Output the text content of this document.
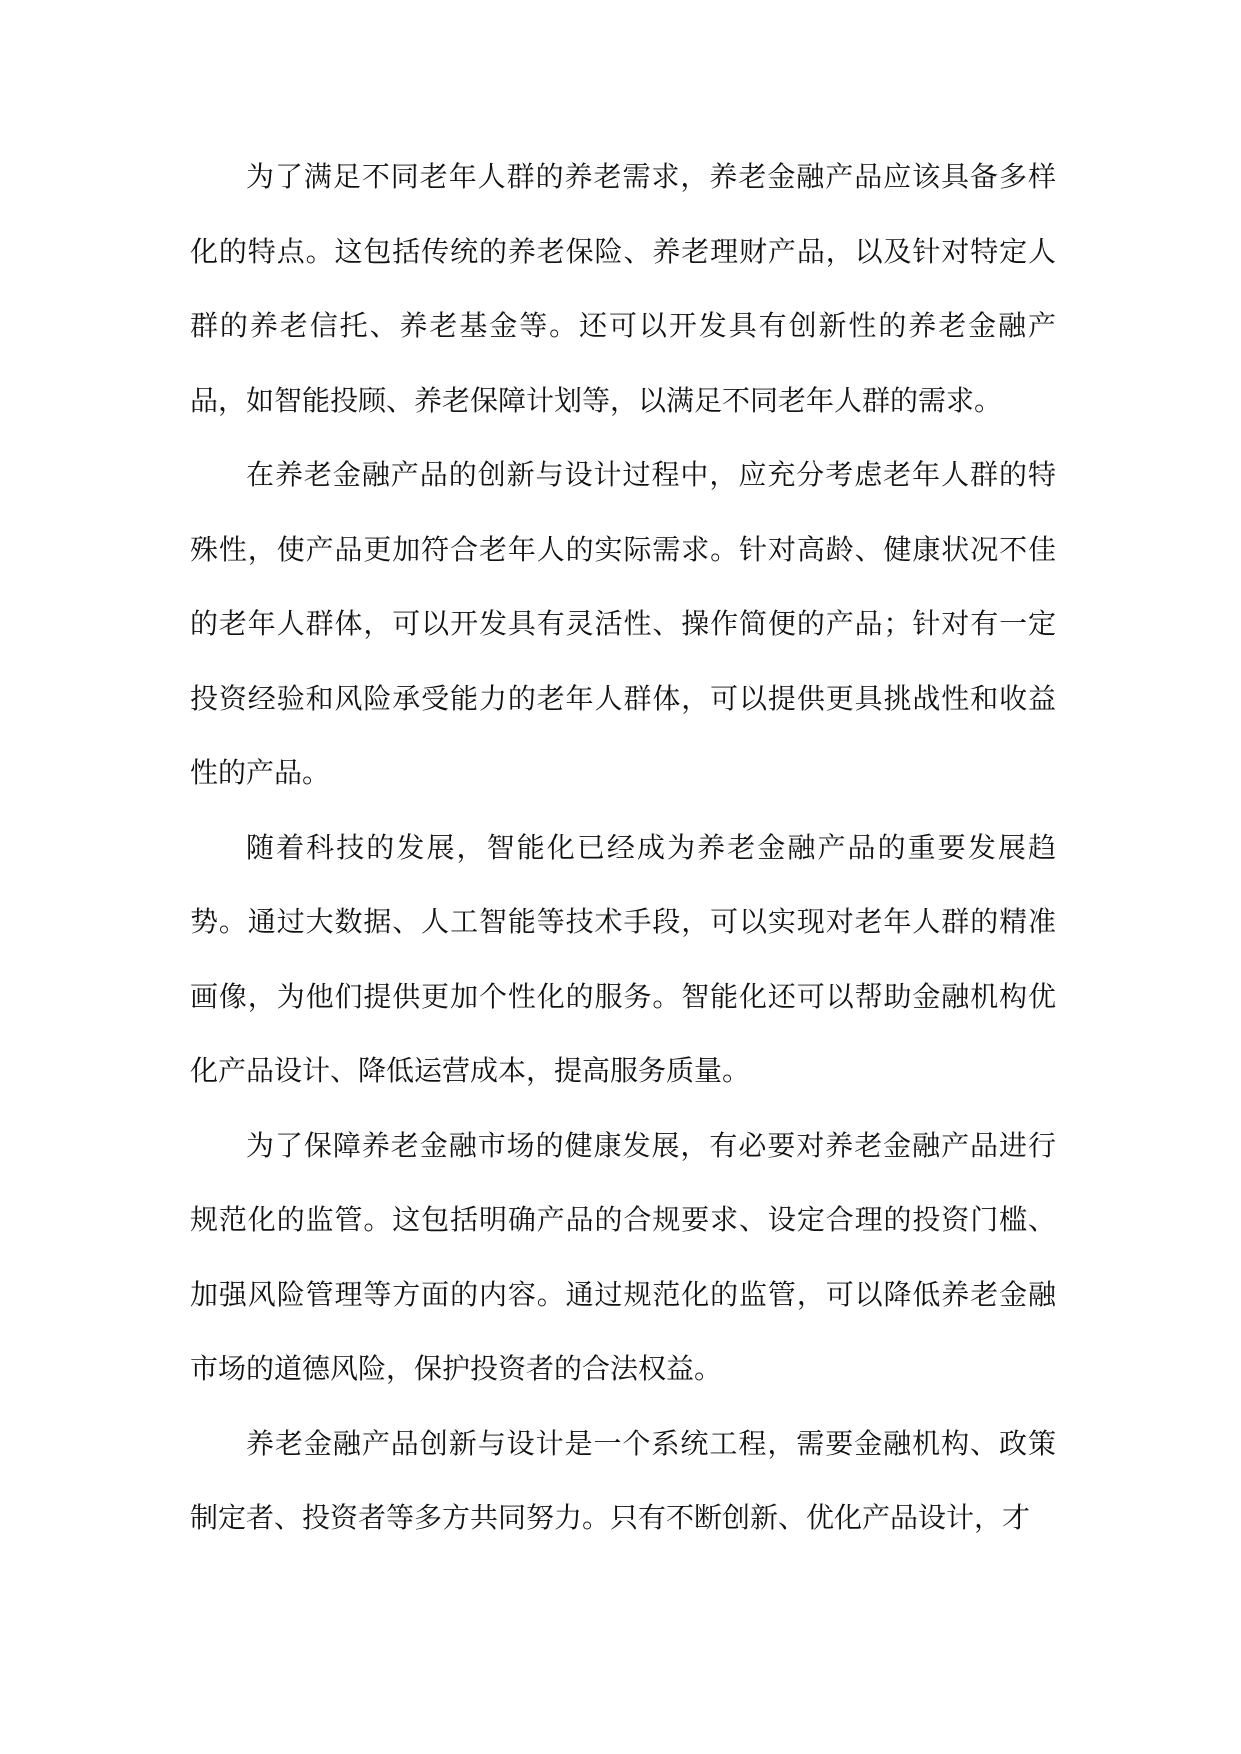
为了满足不同老年人群的养老需求，养老金融产品应该具备多样化的特点。这包括传统的养老保险、养老理财产品，以及针对特定人群的养老信托、养老基金等。还可以开发具有创新性的养老金融产品，如智能投顾、养老保障计划等，以满足不同老年人群的需求。

在养老金融产品的创新与设计过程中，应充分考虑老年人群的特殊性，使产品更加符合老年人的实际需求。针对高龄、健康状况不佳的老年人群体，可以开发具有灵活性、操作简便的产品；针对有一定投资经验和风险承受能力的老年人群体，可以提供更具挑战性和收益性的产品。

随着科技的发展，智能化已经成为养老金融产品的重要发展趋势。通过大数据、人工智能等技术手段，可以实现对老年人群的精准画像，为他们提供更加个性化的服务。智能化还可以帮助金融机构优化产品设计、降低运营成本，提高服务质量。

为了保障养老金融市场的健康发展，有必要对养老金融产品进行规范化的监管。这包括明确产品的合规要求、设定合理的投资门槛、加强风险管理等方面的内容。通过规范化的监管，可以降低养老金融市场的道德风险，保护投资者的合法权益。

养老金融产品创新与设计是一个系统工程，需要金融机构、政策制定者、投资者等多方共同努力。只有不断创新、优化产品设计，才
